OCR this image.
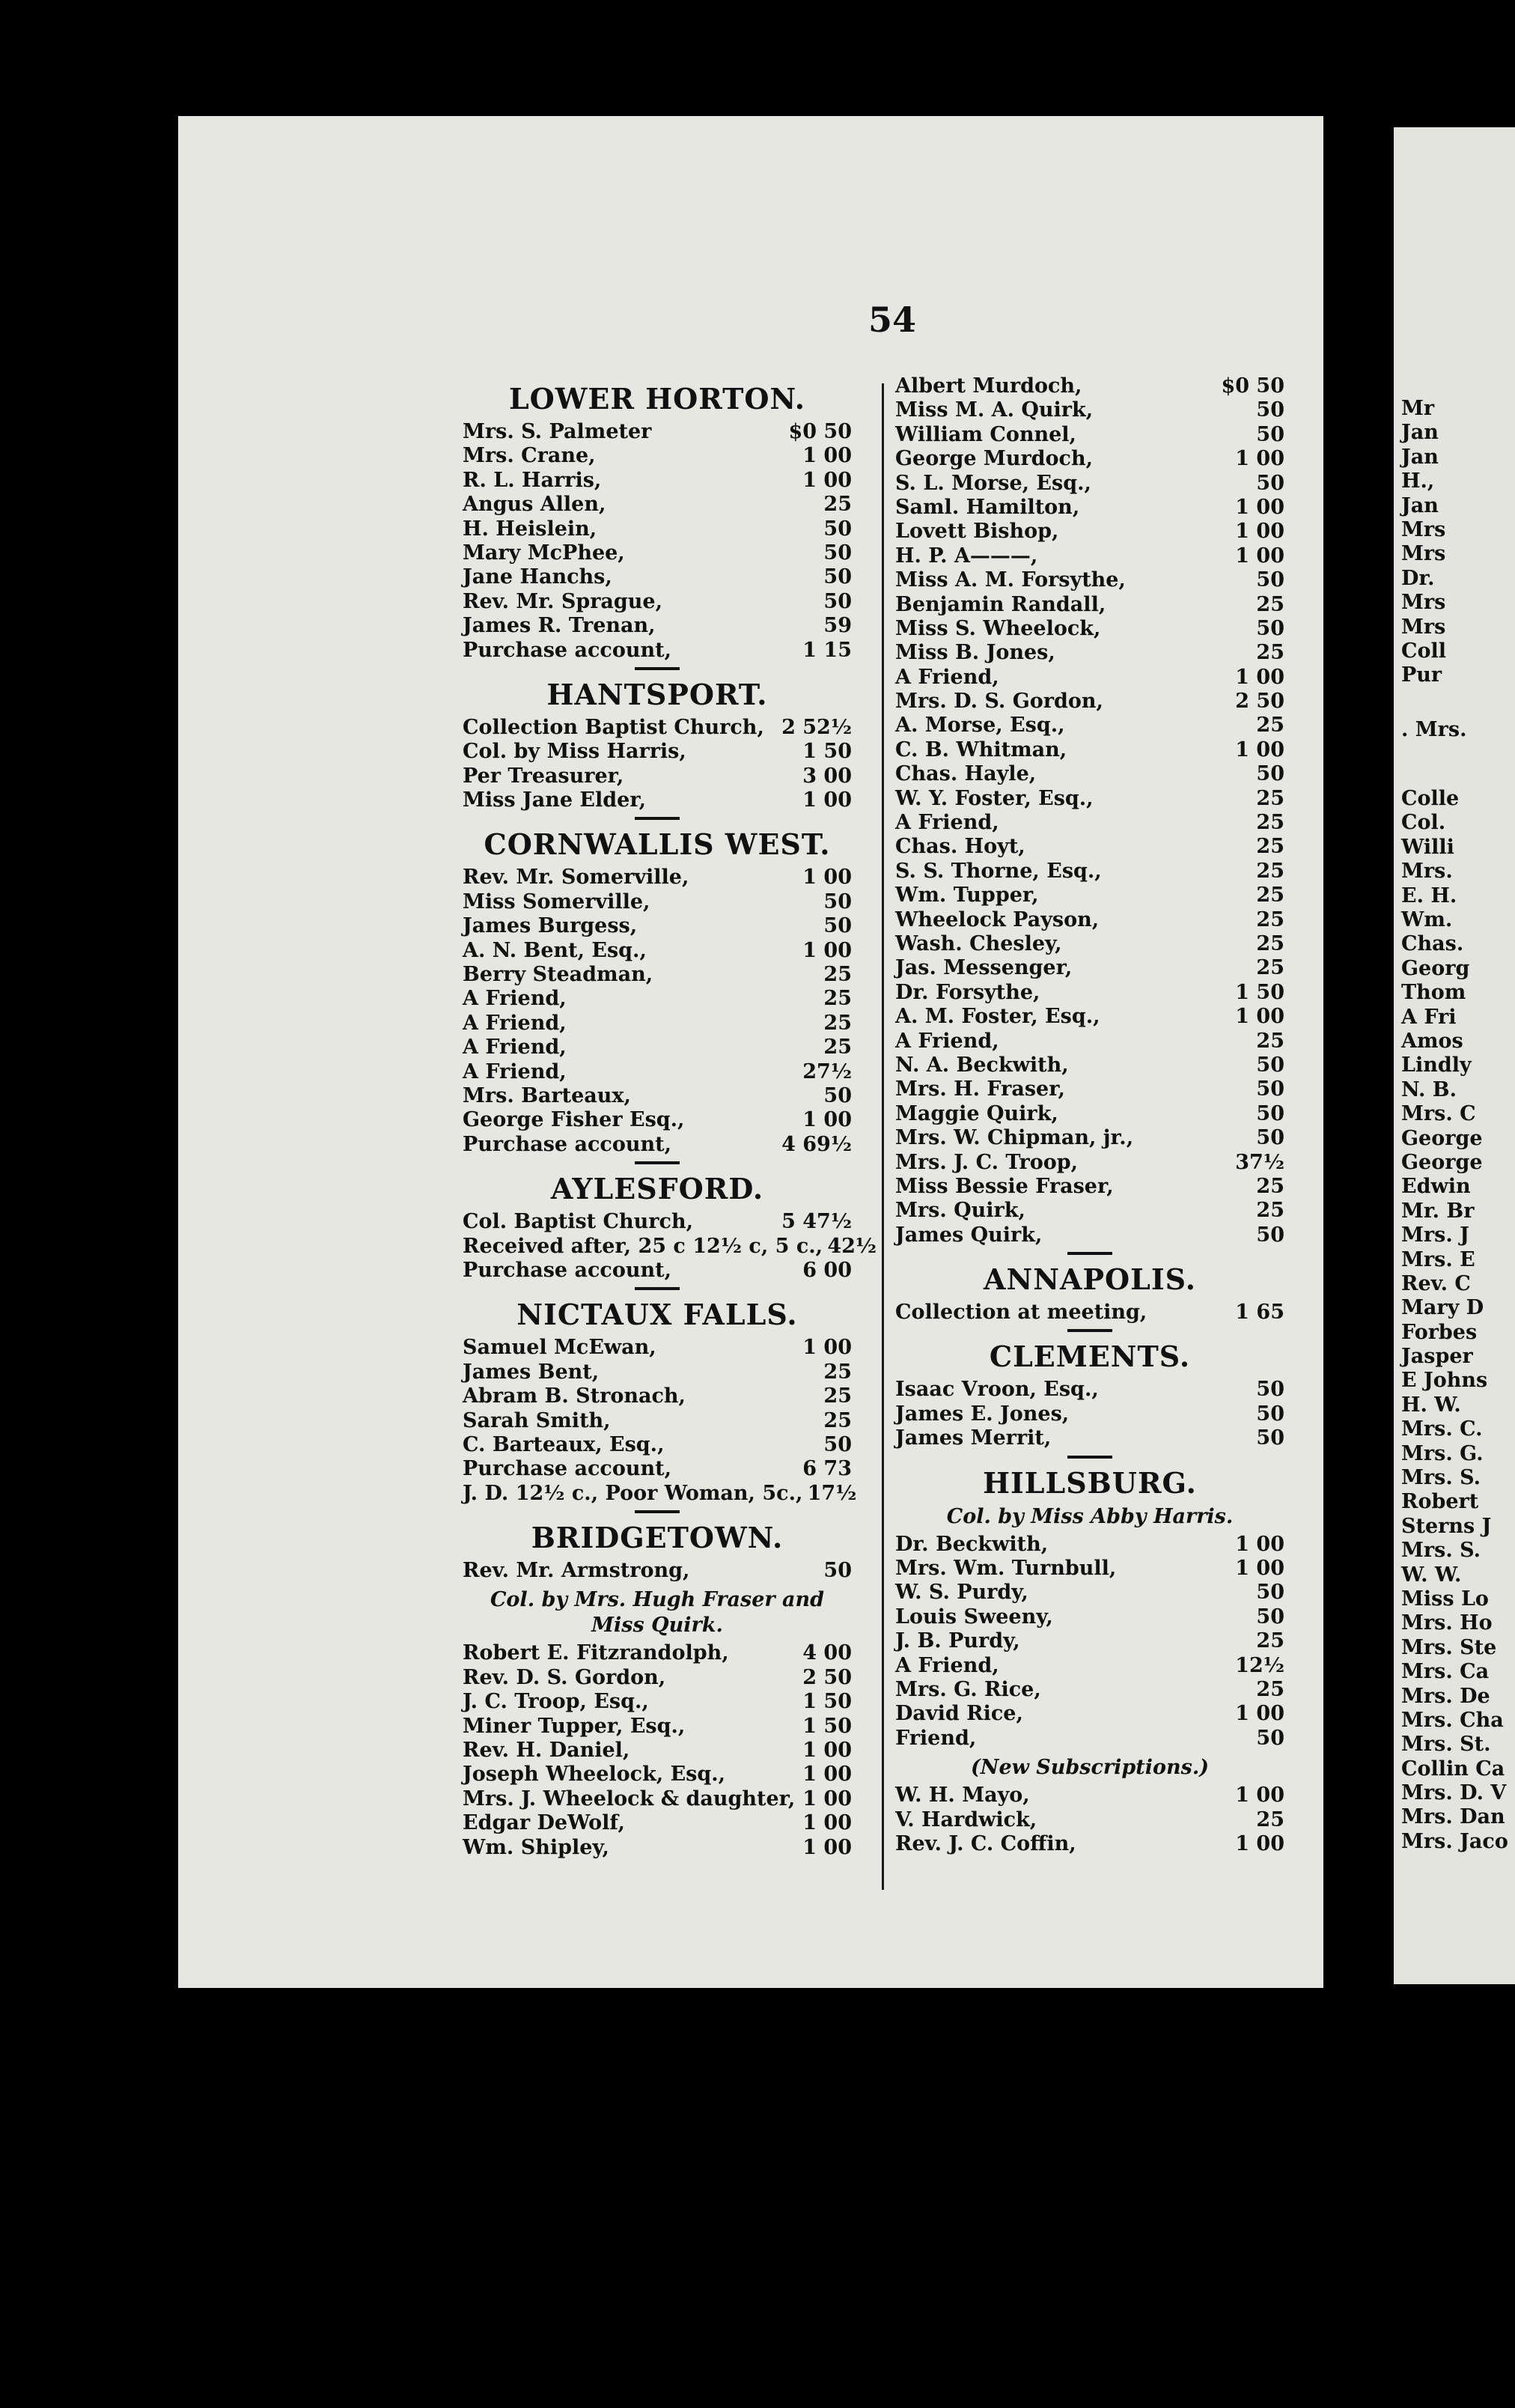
Mr
Jan
Jan
H.,
Jan
Mrs
Mrs
Dr.
Mrs
Mrs
Coll
Pur
. Mrs.
Colle
Col.
Willi
Mrs.
E. H.
Wm.
Chas.
Georg
Thom
A Fri
Amos
Lindly
N. B.
Mrs. C
George
George
Edwin
Mr. Br
Mrs. J
Mrs. E
Rev. C
Mary D
Forbes
Jasper
E Johns
H. W.
Mrs. C.
Mrs. G.
Mrs. S.
Robert
Sterns J
Mrs. S.
W. W.
Miss Lo
Mrs. Ho
Mrs. Ste
Mrs. Ca
Mrs. De
Mrs. Cha
Mrs. St.
Collin Ca
Mrs. D. V
Mrs. Dan
Mrs. Jaco
54
LOWER HORTON.
Mrs. S. Palmeter	$0 50
Mrs. Crane,	1 00
R. L. Harris,	1 00
Angus Allen,	25
H. Heislein,	50
Mary McPhee,	50
Jane Hanchs,	50
Rev. Mr. Sprague,	50
James R. Trenan,	59
Purchase account,	1 15
HANTSPORT.
Collection Baptist Church, 2 52½
Col. by Miss Harris,	1 50
Per Treasurer,	3 00
Miss Jane Elder,	1 00
CORNWALLIS WEST.
Rev. Mr. Somerville,	1 00
Miss Somerville,	50
James Burgess,	50
A. N. Bent, Esq.,	1 00
Berry Steadman,	25
A Friend,	25
A Friend,	25
A Friend,	25
A Friend,	27½
Mrs. Barteaux,	50
George Fisher Esq.,	1 00
Purchase account,	4 69½
AYLESFORD.
Col. Baptist Church,	5 47½
Received after, 25 c 12½ c, 5 c., 42½
Purchase account,	6 00
NICTAUX FALLS.
Samuel McEwan,	1 00
James Bent,	25
Abram B. Stronach,	25
Sarah Smith,	25
C. Barteaux, Esq.,	50
Purchase account,	6 73
J. D. 12½ c., Poor Woman, 5c., 17½
BRIDGETOWN.
Rev. Mr. Armstrong,	50
Col. by Mrs. Hugh Fraser and Miss Quirk.
Robert E. Fitzrandolph,	4 00
Rev. D. S. Gordon,	2 50
J. C. Troop, Esq.,	1 50
Miner Tupper, Esq.,	1 50
Rev. H. Daniel,	1 00
Joseph Wheelock, Esq.,	1 00
Mrs. J. Wheelock & daughter, 1 00
Edgar DeWolf,	1 00
Wm. Shipley,	1 00
Albert Murdoch,	$0 50
Miss M. A. Quirk,	50
William Connel,	50
George Murdoch,	1 00
S. L. Morse, Esq.,	50
Saml. Hamilton,	1 00
Lovett Bishop,	1 00
H. P. A———,	1 00
Miss A. M. Forsythe,	50
Benjamin Randall,	25
Miss S. Wheelock,	50
Miss B. Jones,	25
A Friend,	1 00
Mrs. D. S. Gordon,	2 50
A. Morse, Esq.,	25
C. B. Whitman,	1 00
Chas. Hayle,	50
W. Y. Foster, Esq.,	25
A Friend,	25
Chas. Hoyt,	25
S. S. Thorne, Esq.,	25
Wm. Tupper,	25
Wheelock Payson,	25
Wash. Chesley,	25
Jas. Messenger,	25
Dr. Forsythe,	1 50
A. M. Foster, Esq.,	1 00
A Friend,	25
N. A. Beckwith,	50
Mrs. H. Fraser,	50
Maggie Quirk,	50
Mrs. W. Chipman, jr.,	50
Mrs. J. C. Troop,	37½
Miss Bessie Fraser,	25
Mrs. Quirk,	25
James Quirk,	50
ANNAPOLIS.
Collection at meeting,	1 65
CLEMENTS.
Isaac Vroon, Esq.,	50
James E. Jones,	50
James Merrit,	50
HILLSBURG.
Col. by Miss Abby Harris.
Dr. Beckwith,	1 00
Mrs. Wm. Turnbull,	1 00
W. S. Purdy,	50
Louis Sweeny,	50
J. B. Purdy,	25
A Friend,	12½
Mrs. G. Rice,	25
David Rice,	1 00
Friend,	50
(New Subscriptions.)
W. H. Mayo,	1 00
V. Hardwick,	25
Rev. J. C. Coffin,	1 00
